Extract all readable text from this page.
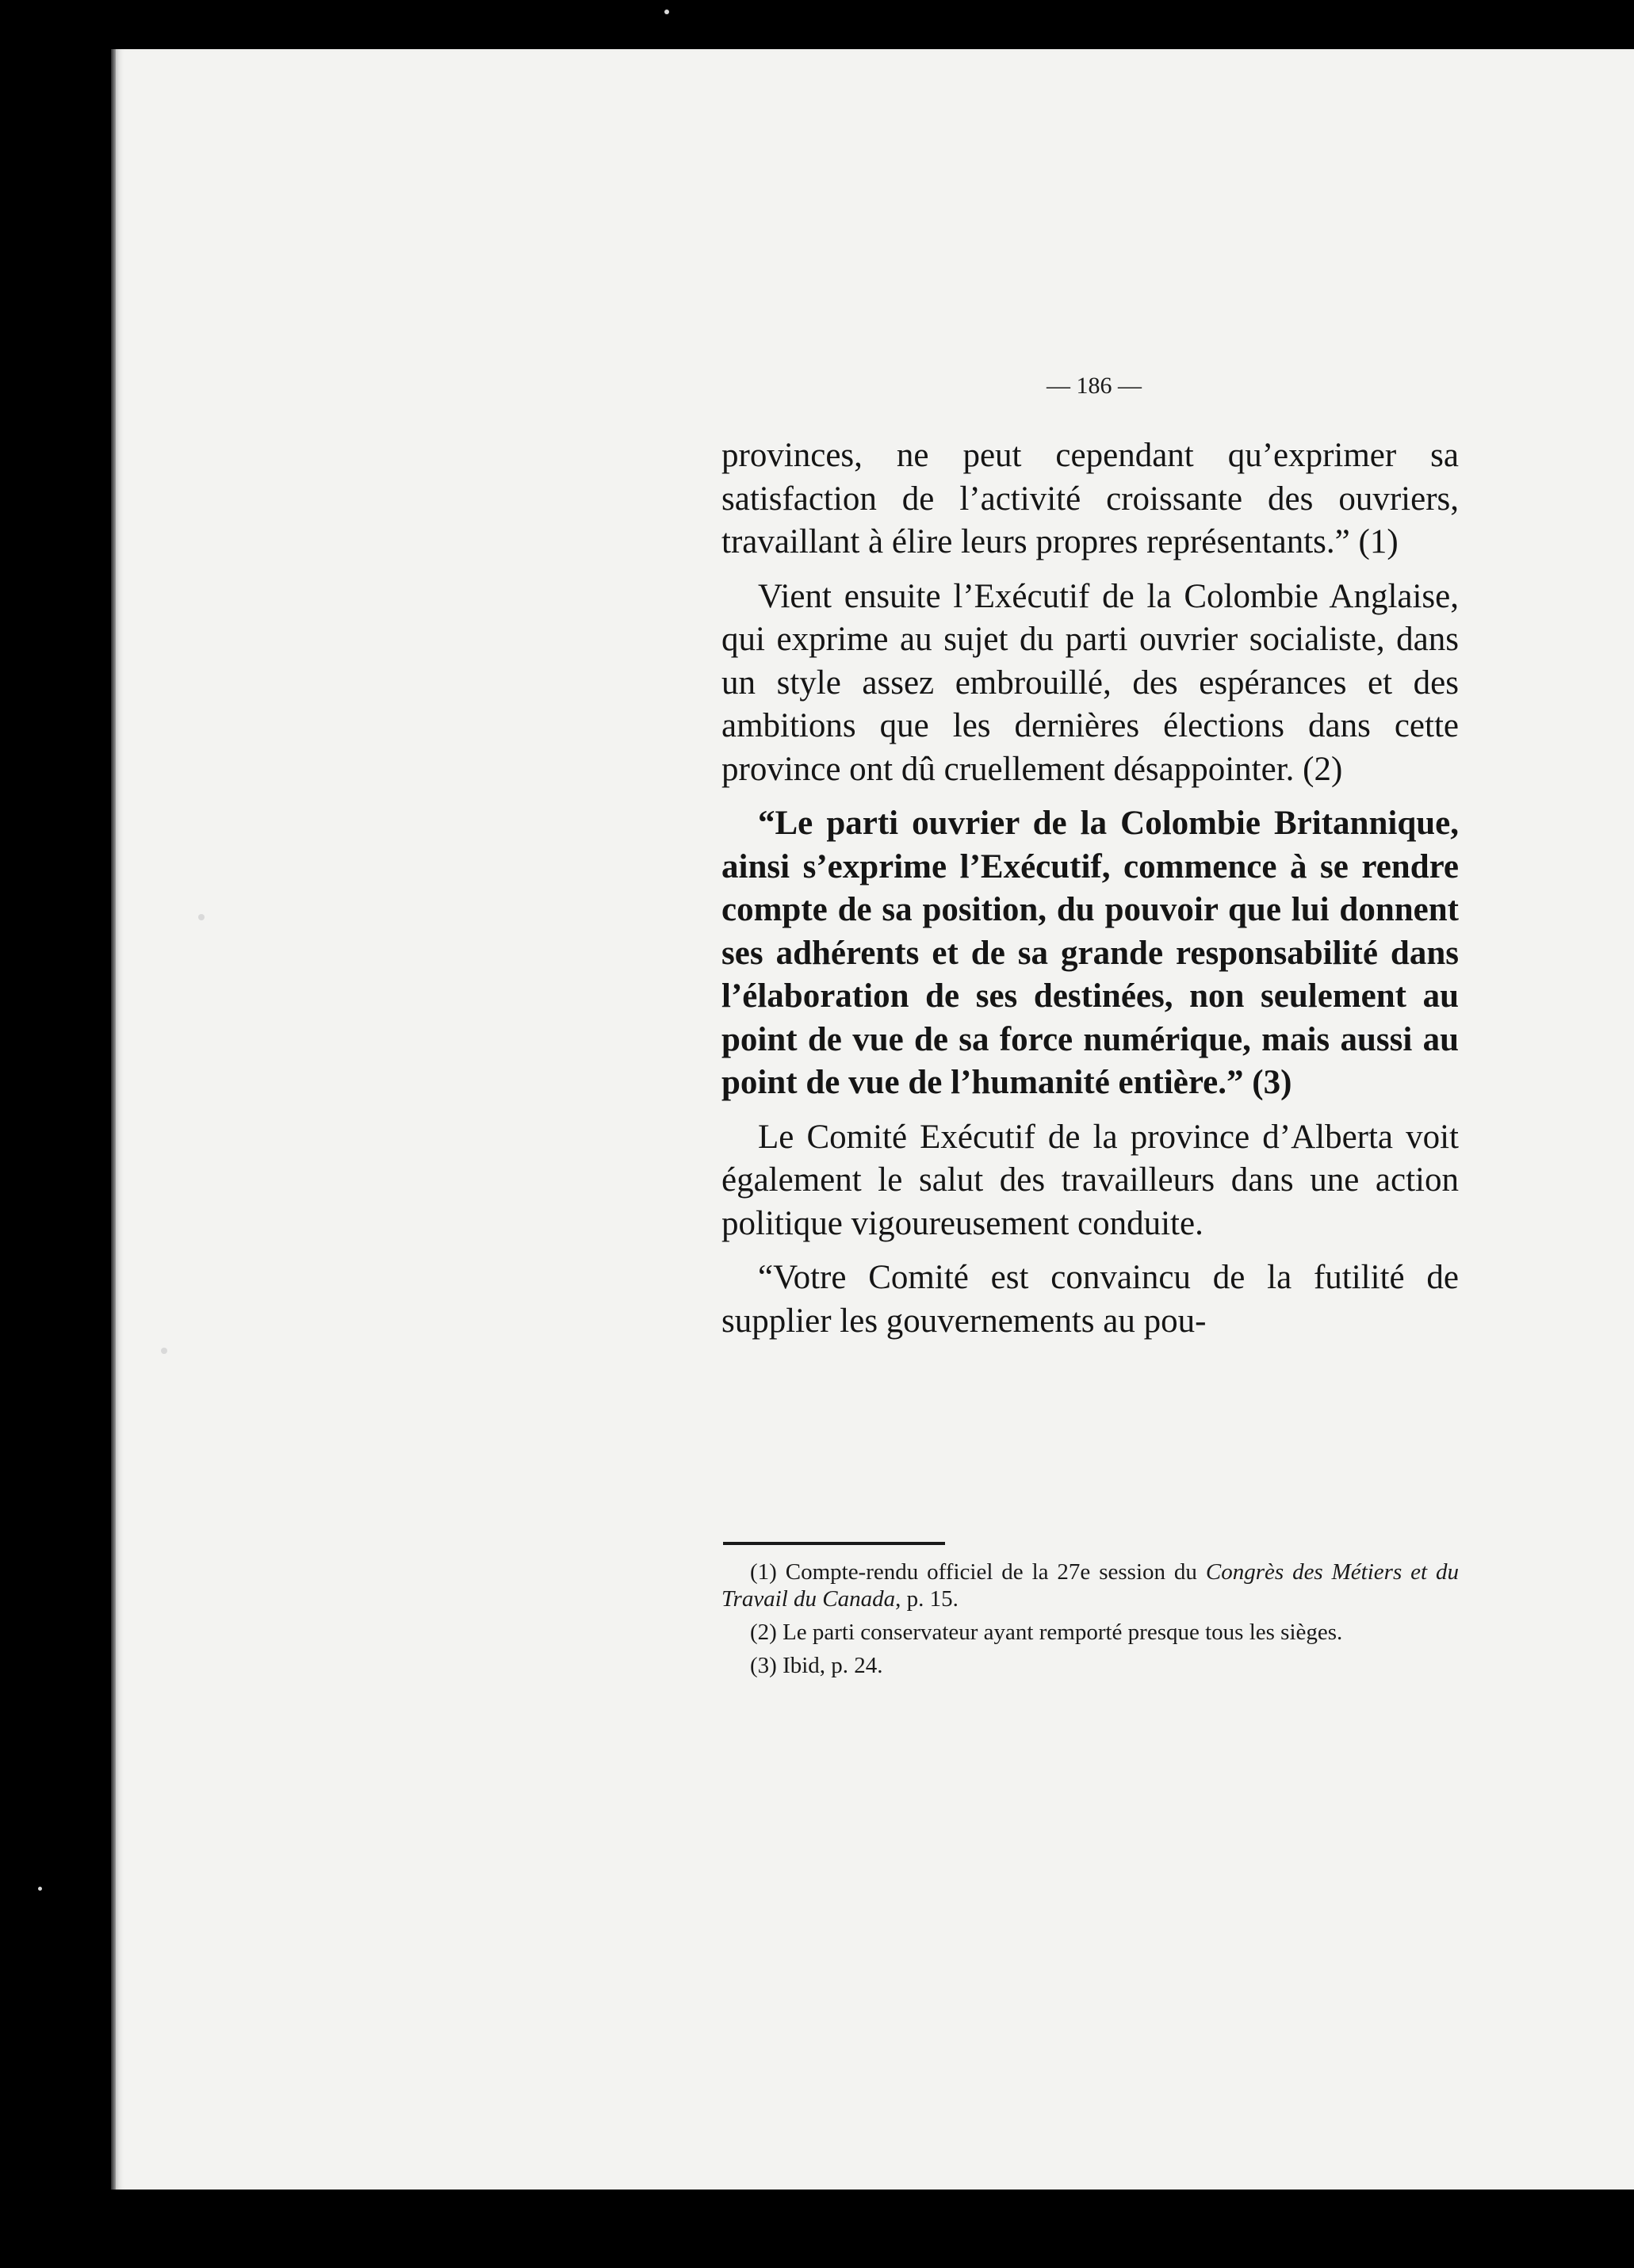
— 186 —

provinces, ne peut cependant qu’exprimer sa satisfaction de l’activité croissante des ouvriers, travaillant à élire leurs propres représentants.” (1)

Vient ensuite l’Exécutif de la Colombie Anglaise, qui exprime au sujet du parti ouvrier socialiste, dans un style assez embrouillé, des espérances et des ambitions que les dernières élections dans cette province ont dû cruellement désappointer. (2)

“Le parti ouvrier de la Colombie Britannique, ainsi s’exprime l’Exécutif, commence à se rendre compte de sa position, du pouvoir que lui donnent ses adhérents et de sa grande responsabilité dans l’élaboration de ses destinées, non seulement au point de vue de sa force numérique, mais aussi au point de vue de l’humanité entière.” (3)

Le Comité Exécutif de la province d’Alberta voit également le salut des travailleurs dans une action politique vigoureusement conduite.

“Votre Comité est convaincu de la futilité de supplier les gouvernements au pou-

(1) Compte-rendu officiel de la 27e session du Congrès des Métiers et du Travail du Canada, p. 15.

(2) Le parti conservateur ayant remporté presque tous les sièges.

(3) Ibid, p. 24.
